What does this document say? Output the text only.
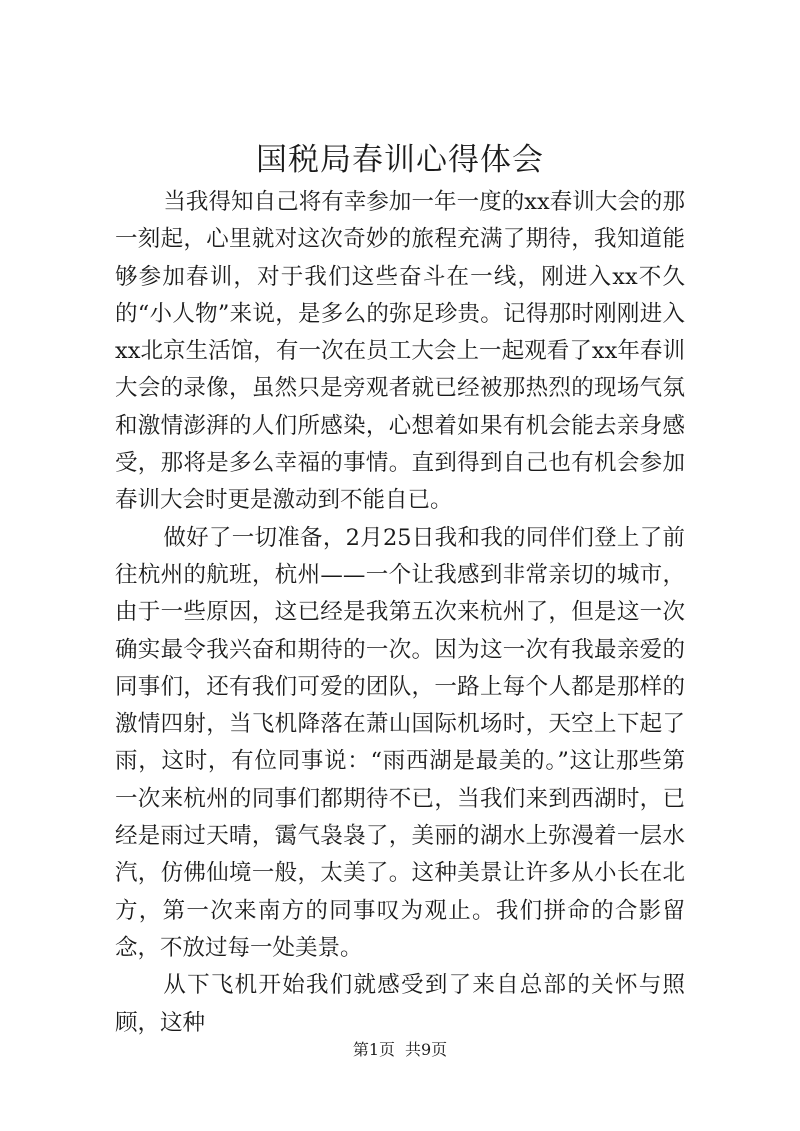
国税局春训心得体会

当我得知自己将有幸参加一年一度的xx春训大会的那一刻起，心里就对这次奇妙的旅程充满了期待，我知道能够参加春训，对于我们这些奋斗在一线，刚进入xx不久的“小人物”来说，是多么的弥足珍贵。记得那时刚刚进入xx北京生活馆，有一次在员工大会上一起观看了xx年春训大会的录像，虽然只是旁观者就已经被那热烈的现场气氛和激情澎湃的人们所感染，心想着如果有机会能去亲身感受，那将是多么幸福的事情。直到得到自己也有机会参加春训大会时更是激动到不能自已。

做好了一切准备，2月25日我和我的同伴们登上了前往杭州的航班，杭州——一个让我感到非常亲切的城市，由于一些原因，这已经是我第五次来杭州了，但是这一次确实最令我兴奋和期待的一次。因为这一次有我最亲爱的同事们，还有我们可爱的团队，一路上每个人都是那样的激情四射，当飞机降落在萧山国际机场时，天空上下起了雨，这时，有位同事说：“雨西湖是最美的。”这让那些第一次来杭州的同事们都期待不已，当我们来到西湖时，已经是雨过天晴，霭气袅袅了，美丽的湖水上弥漫着一层水汽，仿佛仙境一般，太美了。这种美景让许多从小长在北方，第一次来南方的同事叹为观止。我们拼命的合影留念，不放过每一处美景。

从下飞机开始我们就感受到了来自总部的关怀与照顾，这种

第1页 共9页
